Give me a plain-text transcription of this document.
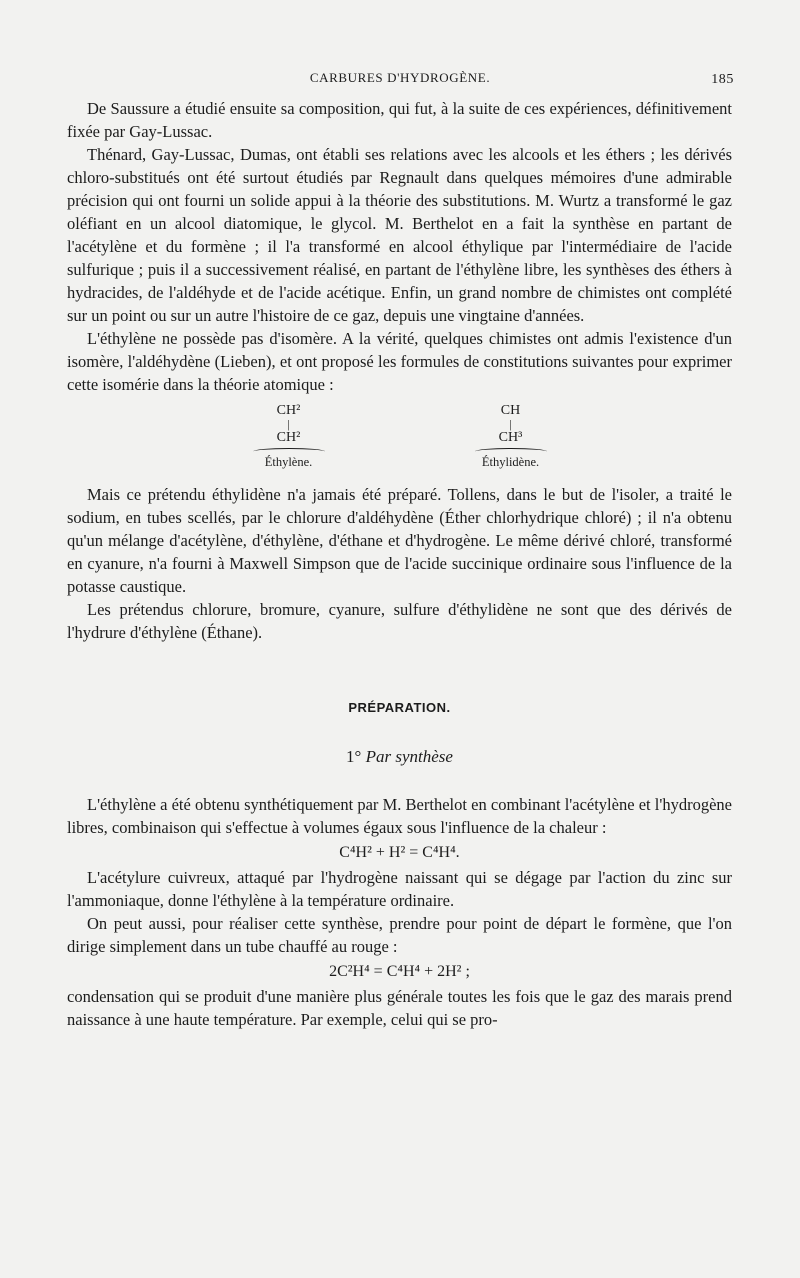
CARBURES D'HYDROGÈNE.	185

De Saussure a étudié ensuite sa composition, qui fut, à la suite de ces expériences, définitivement fixée par Gay-Lussac.

Thénard, Gay-Lussac, Dumas, ont établi ses relations avec les alcools et les éthers ; les dérivés chloro-substitués ont été surtout étudiés par Regnault dans quelques mémoires d'une admirable précision qui ont fourni un solide appui à la théorie des substitutions. M. Wurtz a transformé le gaz oléfiant en un alcool diatomique, le glycol. M. Berthelot en a fait la synthèse en partant de l'acétylène et du formène ; il l'a transformé en alcool éthylique par l'intermédiaire de l'acide sulfurique ; puis il a successivement réalisé, en partant de l'éthylène libre, les synthèses des éthers à hydracides, de l'aldéhyde et de l'acide acétique. Enfin, un grand nombre de chimistes ont complété sur un point ou sur un autre l'histoire de ce gaz, depuis une vingtaine d'années.

L'éthylène ne possède pas d'isomère. A la vérité, quelques chimistes ont admis l'existence d'un isomère, l'aldéhydène (Lieben), et ont proposé les formules de constitutions suivantes pour exprimer cette isomérie dans la théorie atomique :

CH²
|
CH²
Éthylène.
CH
|
CH³
Éthylidène.

Mais ce prétendu éthylidène n'a jamais été préparé. Tollens, dans le but de l'isoler, a traité le sodium, en tubes scellés, par le chlorure d'aldéhydène (Éther chlorhydrique chloré) ; il n'a obtenu qu'un mélange d'acétylène, d'éthylène, d'éthane et d'hydrogène. Le même dérivé chloré, transformé en cyanure, n'a fourni à Maxwell Simpson que de l'acide succinique ordinaire sous l'influence de la potasse caustique.

Les prétendus chlorure, bromure, cyanure, sulfure d'éthylidène ne sont que des dérivés de l'hydrure d'éthylène (Éthane).

PRÉPARATION.
1° Par synthèse

L'éthylène a été obtenu synthétiquement par M. Berthelot en combinant l'acétylène et l'hydrogène libres, combinaison qui s'effectue à volumes égaux sous l'influence de la chaleur :

C⁴H² + H² = C⁴H⁴.

L'acétylure cuivreux, attaqué par l'hydrogène naissant qui se dégage par l'action du zinc sur l'ammoniaque, donne l'éthylène à la température ordinaire.

On peut aussi, pour réaliser cette synthèse, prendre pour point de départ le formène, que l'on dirige simplement dans un tube chauffé au rouge :

2C²H⁴ = C⁴H⁴ + 2H² ;

condensation qui se produit d'une manière plus générale toutes les fois que le gaz des marais prend naissance à une haute température. Par exemple, celui qui se pro-
